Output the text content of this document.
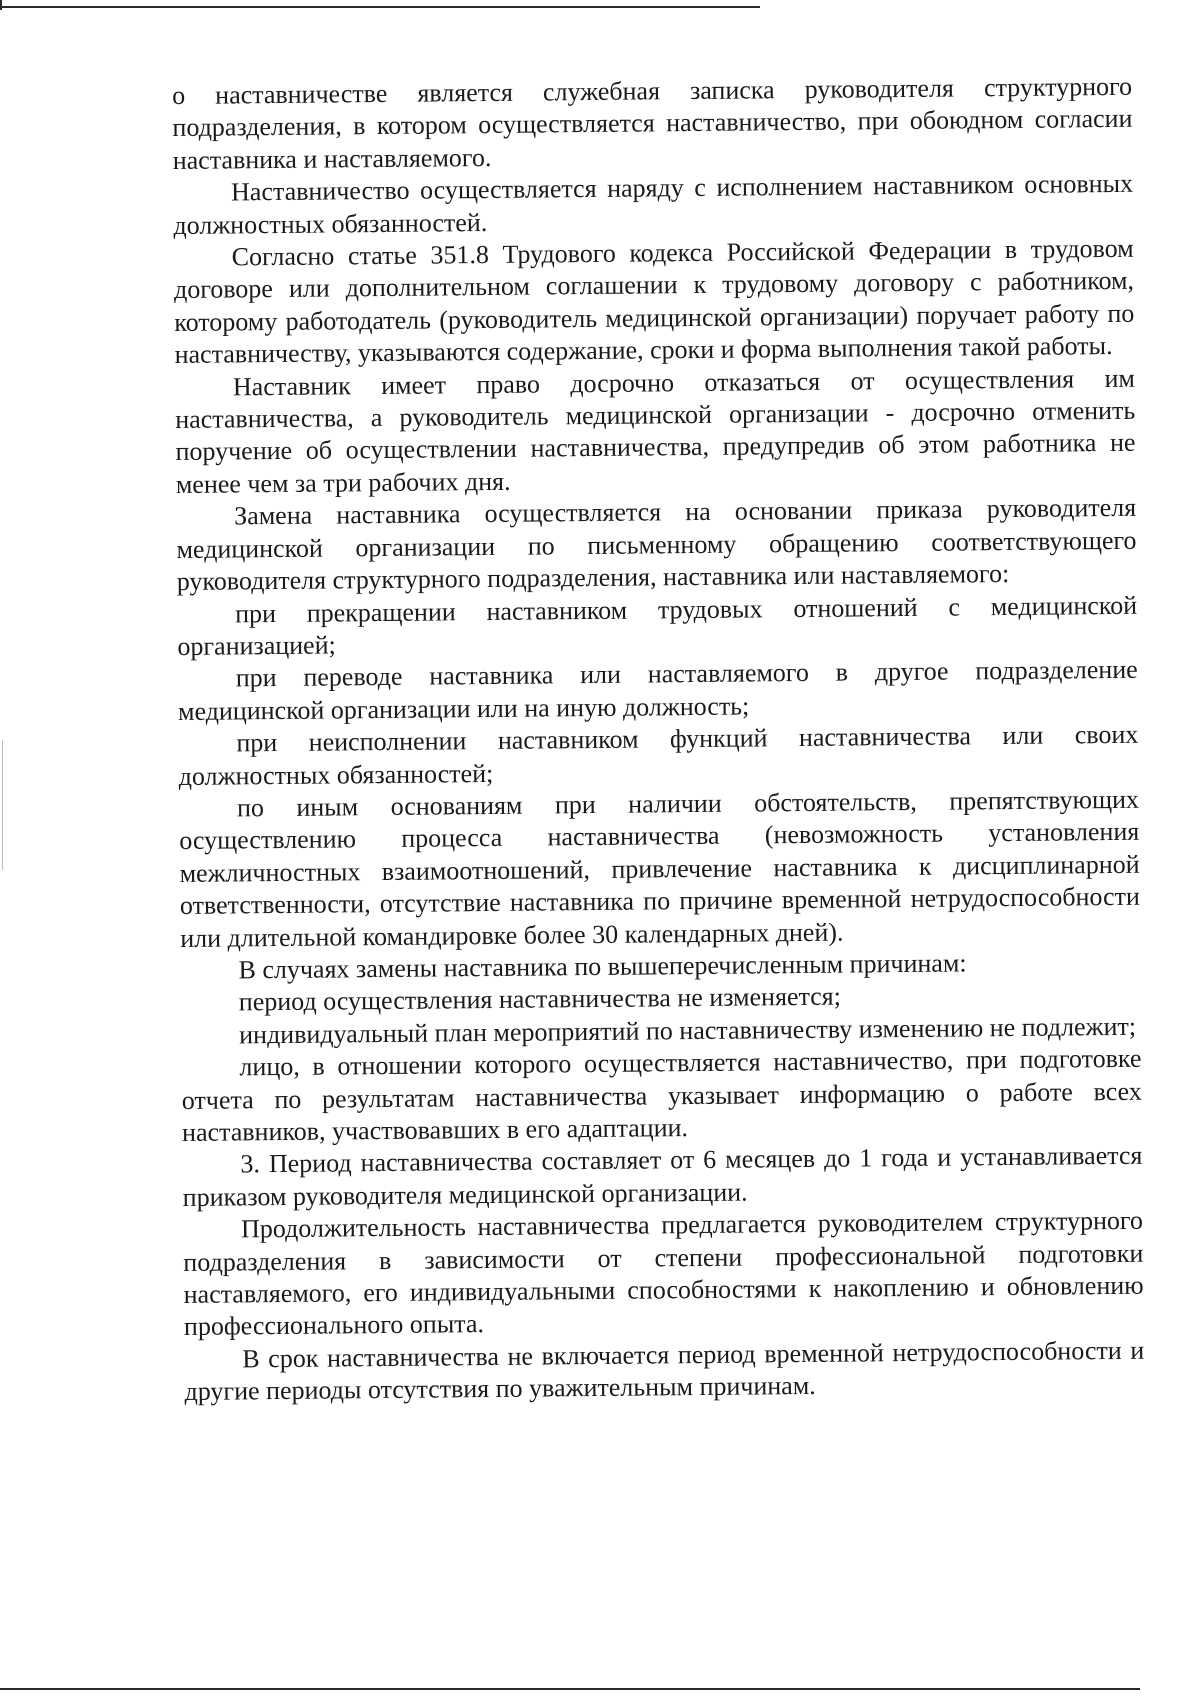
о наставничестве является служебная записка руководителя структурного подразделения, в котором осуществляется наставничество, при обоюдном согласии наставника и наставляемого.

Наставничество осуществляется наряду с исполнением наставником основных должностных обязанностей.

Согласно статье 351.8 Трудового кодекса Российской Федерации в трудовом договоре или дополнительном соглашении к трудовому договору с работником, которому работодатель (руководитель медицинской организации) поручает работу по наставничеству, указываются содержание, сроки и форма выполнения такой работы.

Наставник имеет право досрочно отказаться от осуществления им наставничества, а руководитель медицинской организации - досрочно отменить поручение об осуществлении наставничества, предупредив об этом работника не менее чем за три рабочих дня.

Замена наставника осуществляется на основании приказа руководителя медицинской организации по письменному обращению соответствующего руководителя структурного подразделения, наставника или наставляемого:

при прекращении наставником трудовых отношений с медицинской организацией;

при переводе наставника или наставляемого в другое подразделение медицинской организации или на иную должность;

при неисполнении наставником функций наставничества или своих должностных обязанностей;

по иным основаниям при наличии обстоятельств, препятствующих осуществлению процесса наставничества (невозможность установления межличностных взаимоотношений, привлечение наставника к дисциплинарной ответственности, отсутствие наставника по причине временной нетрудоспособности или длительной командировке более 30 календарных дней).

В случаях замены наставника по вышеперечисленным причинам:

период осуществления наставничества не изменяется;

индивидуальный план мероприятий по наставничеству изменению не подлежит;

лицо, в отношении которого осуществляется наставничество, при подготовке отчета по результатам наставничества указывает информацию о работе всех наставников, участвовавших в его адаптации.

3. Период наставничества составляет от 6 месяцев до 1 года и устанавливается приказом руководителя медицинской организации.

Продолжительность наставничества предлагается руководителем структурного подразделения в зависимости от степени профессиональной подготовки наставляемого, его индивидуальными способностями к накоплению и обновлению профессионального опыта.

В срок наставничества не включается период временной нетрудоспособности и другие периоды отсутствия по уважительным причинам.
